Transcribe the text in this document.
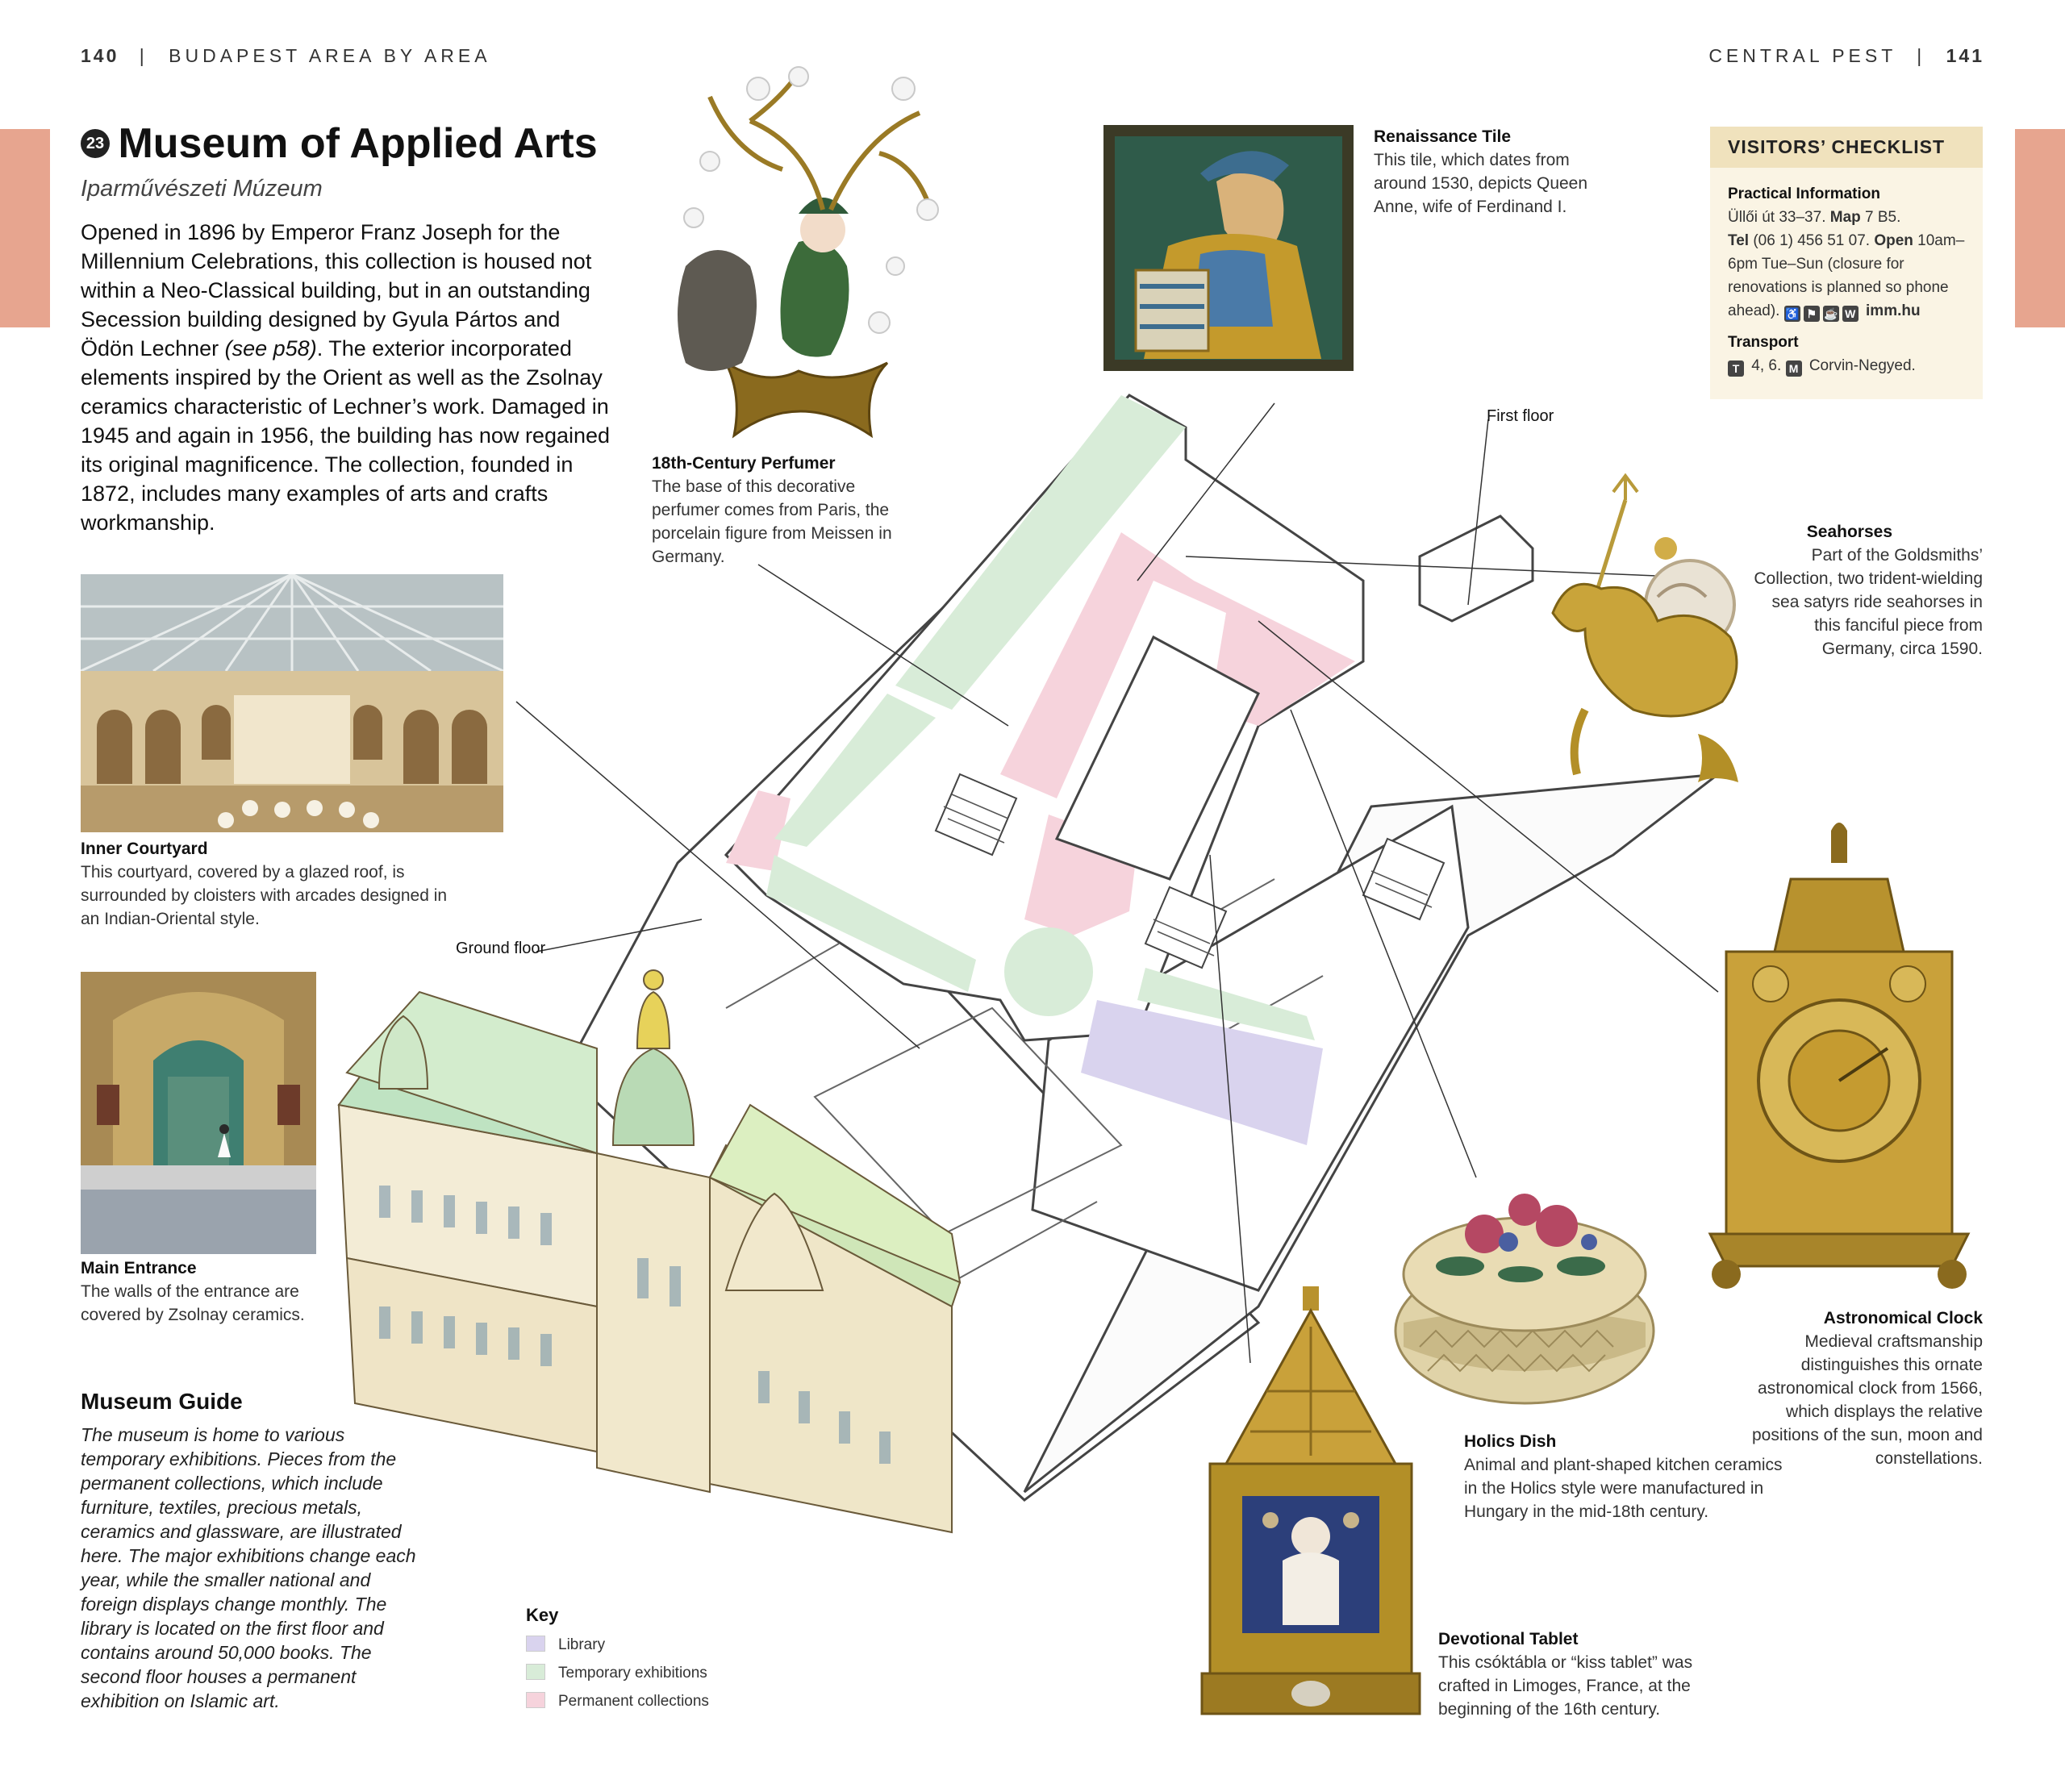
140 | BUDAPEST AREA BY AREA	CENTRAL PEST | 141
23 Museum of Applied Arts
Iparművészeti Múzeum
Opened in 1896 by Emperor Franz Joseph for the Millennium Celebrations, this collection is housed not within a Neo-Classical building, but in an outstanding Secession building designed by Gyula Pártos and Ödön Lechner (see p58). The exterior incorporated elements inspired by the Orient as well as the Zsolnay ceramics characteristic of Lechner’s work. Damaged in 1945 and again in 1956, the building has now regained its original magnificence. The collection, founded in 1872, includes many examples of arts and crafts workmanship.
Inner Courtyard
This courtyard, covered by a glazed roof, is surrounded by cloisters with arcades designed in an Indian-Oriental style.
Main Entrance
The walls of the entrance are covered by Zsolnay ceramics.
Museum Guide
The museum is home to various temporary exhibitions. Pieces from the permanent collections, which include furniture, textiles, precious metals, ceramics and glassware, are illustrated here. The major exhibitions change each year, while the smaller national and foreign displays change monthly. The library is located on the first floor and contains around 50,000 books. The second floor houses a permanent exhibition on Islamic art.
18th-Century Perfumer
The base of this decorative perfumer comes from Paris, the porcelain figure from Meissen in Germany.
Renaissance Tile
This tile, which dates from around 1530, depicts Queen Anne, wife of Ferdinand I.
VISITORS’ CHECKLIST
Practical Information
Üllői út 33–37. Map 7 B5.
Tel (06 1) 456 51 07. Open 10am–6pm Tue–Sun (closure for renovations is planned so phone ahead). ♿ ⚑ ☕ W imm.hu
Transport
T 4, 6. M Corvin-Negyed.
First floor
Ground floor
Seahorses
Part of the Goldsmiths’ Collection, two trident-wielding sea satyrs ride seahorses in this fanciful piece from Germany, circa 1590.
Astronomical Clock
Medieval craftsmanship distinguishes this ornate astronomical clock from 1566, which displays the relative positions of the sun, moon and constellations.
Holics Dish
Animal and plant-shaped kitchen ceramics in the Holics style were manufactured in Hungary in the mid-18th century.
Devotional Tablet
This csóktábla or “kiss tablet” was crafted in Limoges, France, at the beginning of the 16th century.
Key
Library
Temporary exhibitions
Permanent collections
